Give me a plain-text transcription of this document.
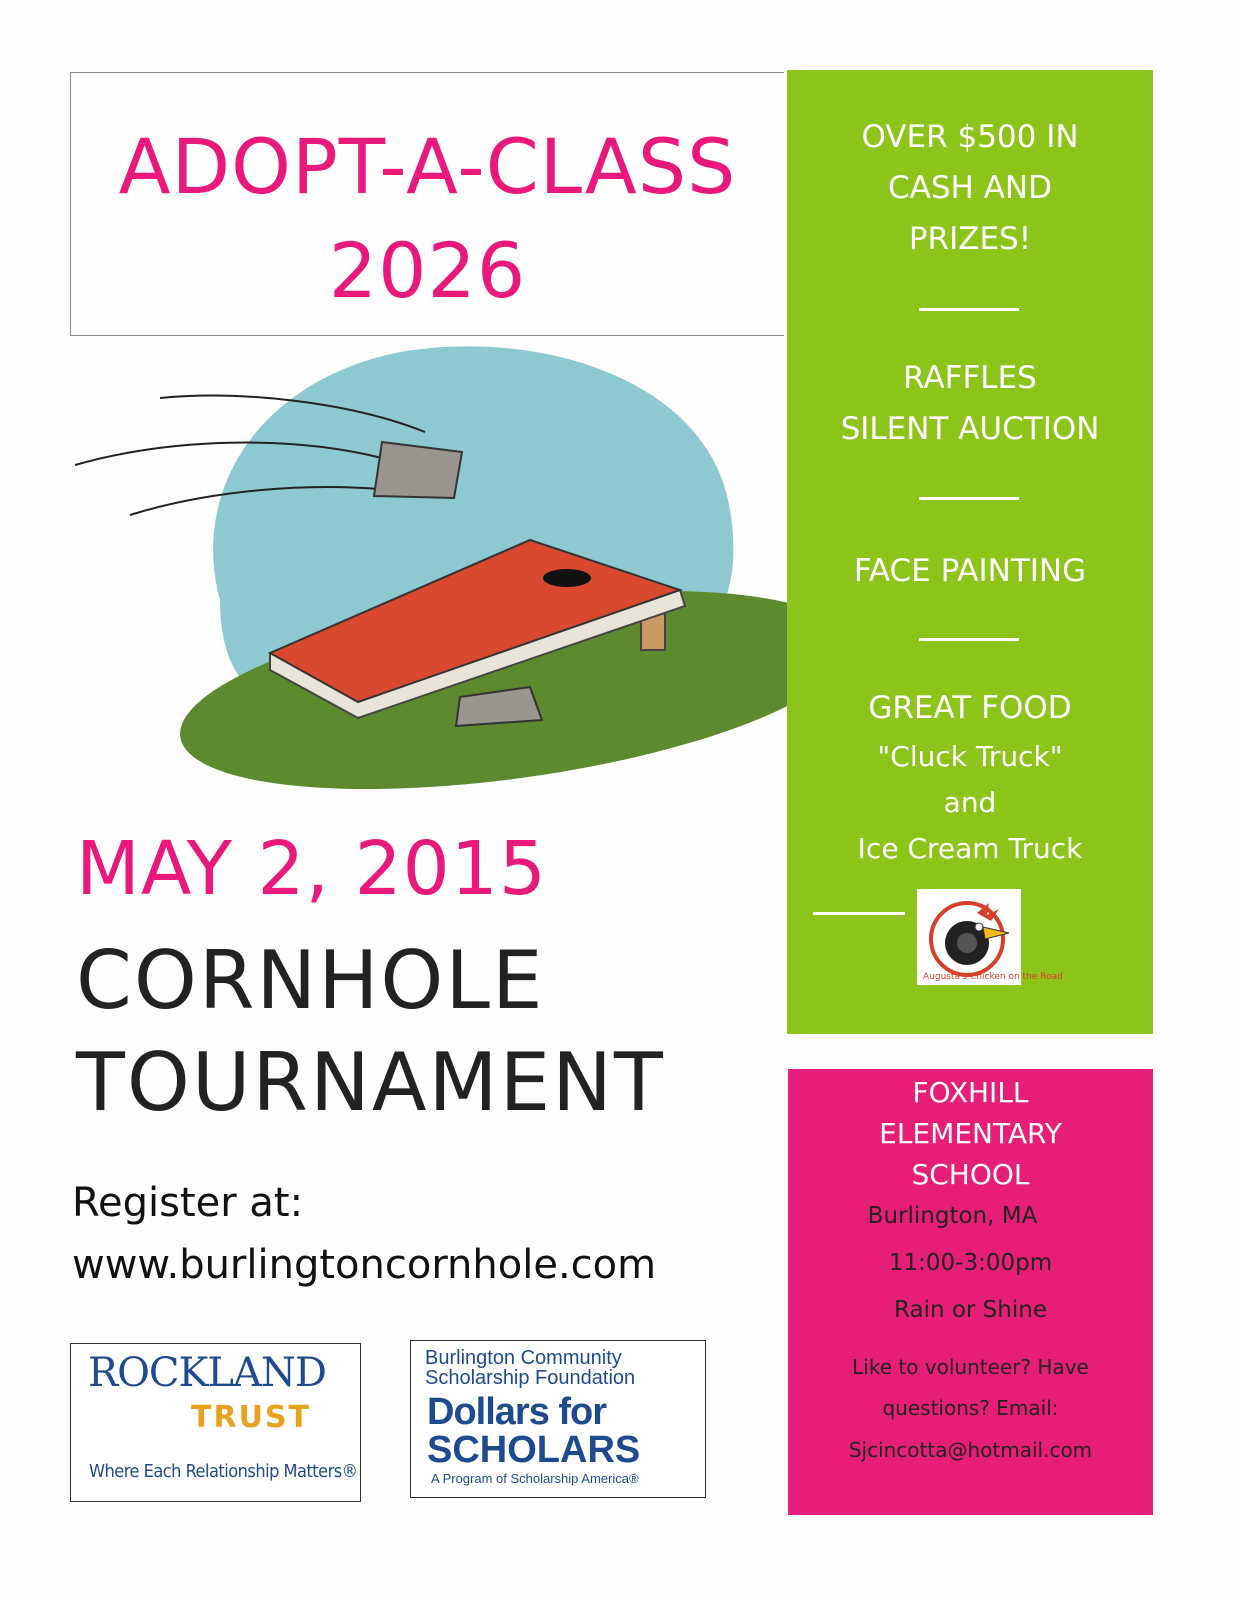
ADOPT-A-CLASS
2026
MAY 2, 2015
CORNHOLE
TOURNAMENT
Register at:
www.burlingtoncornhole.com
ROCKLAND
TRUST
Where Each Relationship Matters®
Burlington Community
Scholarship Foundation
Dollars for
SCHOLARS
A Program of Scholarship America®
OVER $500 IN
CASH AND
PRIZES!
RAFFLES
SILENT AUCTION
FACE PAINTING
GREAT FOOD
"Cluck Truck"
and
Ice Cream Truck
Augusta's Chicken on the Road
FOXHILL
ELEMENTARY
SCHOOL
Burlington, MA
11:00-3:00pm
Rain or Shine
Like to volunteer? Have
questions? Email:
Sjcincotta@hotmail.com
